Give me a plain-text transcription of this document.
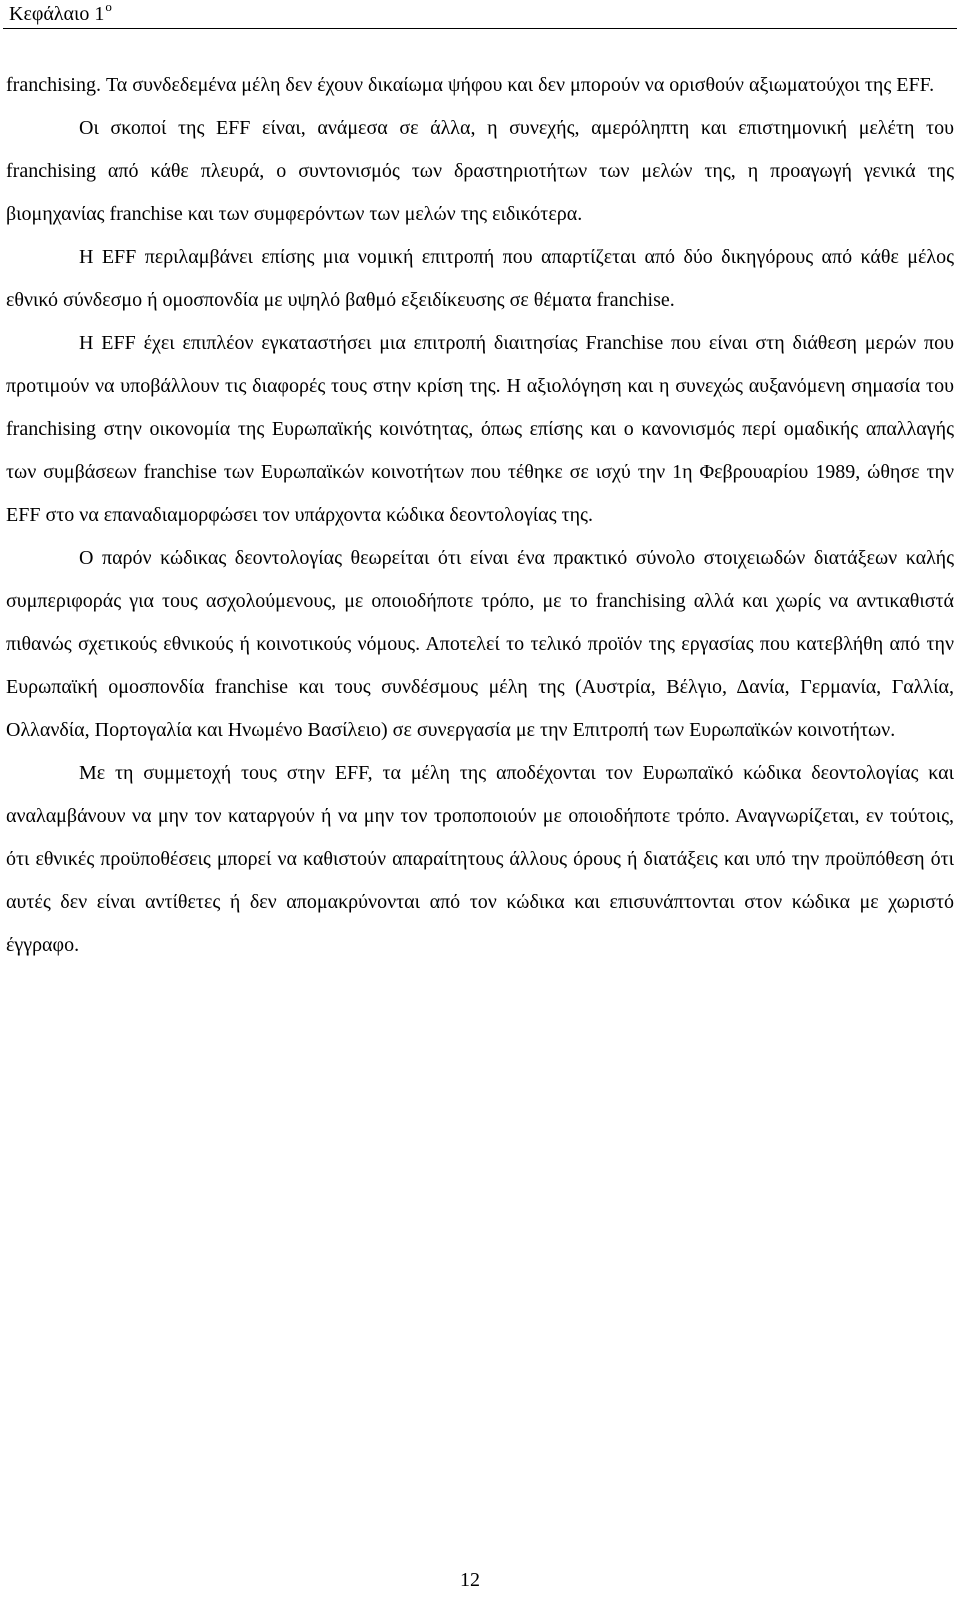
Κεφάλαιο $1^o$

franchising. Τα συνδεδεμένα μέλη δεν έχουν δικαίωμα ψήφου και δεν μπορούν να ορισθούν αξιωματούχοι της EFF.

Οι σκοποί της EFF είναι, ανάμεσα σε άλλα, η συνεχής, αμερόληπτη και επιστημονική μελέτη του franchising από κάθε πλευρά, ο συντονισμός των δραστηριοτήτων των μελών της, η προαγωγή γενικά της βιομηχανίας franchise και των συμφερόντων των μελών της ειδικότερα.

Η EFF περιλαμβάνει επίσης μια νομική επιτροπή που απαρτίζεται από δύο δικηγόρους από κάθε μέλος εθνικό σύνδεσμο ή ομοσπονδία με υψηλό βαθμό εξειδίκευσης σε θέματα franchise.

Η EFF έχει επιπλέον εγκαταστήσει μια επιτροπή διαιτησίας Franchise που είναι στη διάθεση μερών που προτιμούν να υποβάλλουν τις διαφορές τους στην κρίση της. Η αξιολόγηση και η συνεχώς αυξανόμενη σημασία του franchising στην οικονομία της Ευρωπαϊκής κοινότητας, όπως επίσης και ο κανονισμός περί ομαδικής απαλλαγής των συμβάσεων franchise των Ευρωπαϊκών κοινοτήτων που τέθηκε σε ισχύ την 1η Φεβρουαρίου 1989, ώθησε την EFF στο να επαναδιαμορφώσει τον υπάρχοντα κώδικα δεοντολογίας της.

Ο παρόν κώδικας δεοντολογίας θεωρείται ότι είναι ένα πρακτικό σύνολο στοιχειωδών διατάξεων καλής συμπεριφοράς για τους ασχολούμενους, με οποιοδήποτε τρόπο, με το franchising αλλά και χωρίς να αντικαθιστά πιθανώς σχετικούς εθνικούς ή κοινοτικούς νόμους. Αποτελεί το τελικό προϊόν της εργασίας που κατεβλήθη από την Ευρωπαϊκή ομοσπονδία franchise και τους συνδέσμους μέλη της (Αυστρία, Βέλγιο, Δανία, Γερμανία, Γαλλία, Ολλανδία, Πορτογαλία και Ηνωμένο Βασίλειο) σε συνεργασία με την Επιτροπή των Ευρωπαϊκών κοινοτήτων.

Με τη συμμετοχή τους στην EFF, τα μέλη της αποδέχονται τον Ευρωπαϊκό κώδικα δεοντολογίας και αναλαμβάνουν να μην τον καταργούν ή να μην τον τροποποιούν με οποιοδήποτε τρόπο. Αναγνωρίζεται, εν τούτοις, ότι εθνικές προϋποθέσεις μπορεί να καθιστούν απαραίτητους άλλους όρους ή διατάξεις και υπό την προϋπόθεση ότι αυτές δεν είναι αντίθετες ή δεν απομακρύνονται από τον κώδικα και επισυνάπτονται στον κώδικα με χωριστό έγγραφο.

12
